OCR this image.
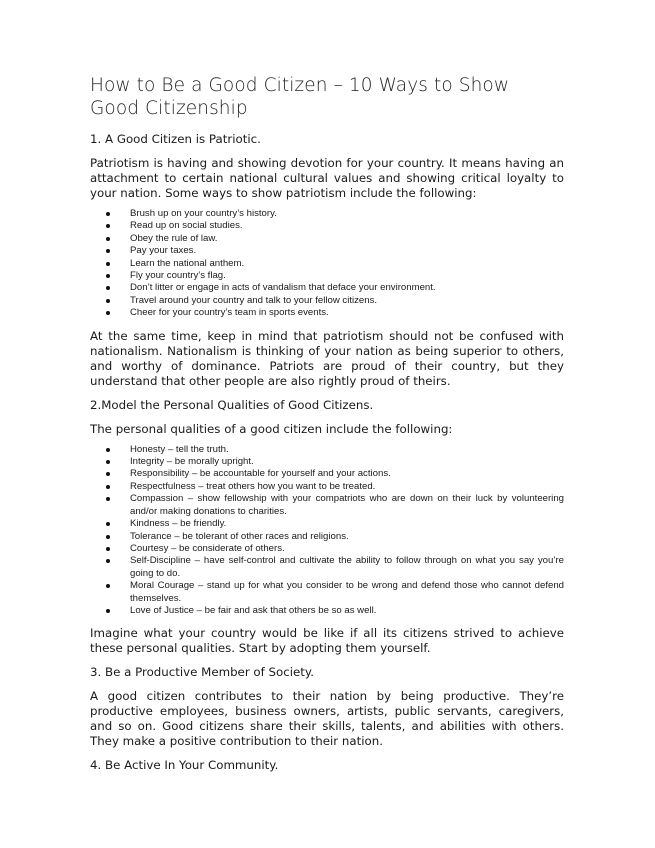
How to Be a Good Citizen – 10 Ways to Show Good Citizenship
1. A Good Citizen is Patriotic.

Patriotism is having and showing devotion for your country. It means having an attachment to certain national cultural values and showing critical loyalty to your nation. Some ways to show patriotism include the following:

Brush up on your country’s history.
Read up on social studies.
Obey the rule of law.
Pay your taxes.
Learn the national anthem.
Fly your country’s flag.
Don’t litter or engage in acts of vandalism that deface your environment.
Travel around your country and talk to your fellow citizens.
Cheer for your country’s team in sports events.

At the same time, keep in mind that patriotism should not be confused with nationalism. Nationalism is thinking of your nation as being superior to others, and worthy of dominance. Patriots are proud of their country, but they understand that other people are also rightly proud of theirs.

2.Model the Personal Qualities of Good Citizens.

The personal qualities of a good citizen include the following:

Honesty – tell the truth.
Integrity – be morally upright.
Responsibility – be accountable for yourself and your actions.
Respectfulness – treat others how you want to be treated.
Compassion – show fellowship with your compatriots who are down on their luck by volunteering and/or making donations to charities.
Kindness – be friendly.
Tolerance – be tolerant of other races and religions.
Courtesy – be considerate of others.
Self-Discipline – have self-control and cultivate the ability to follow through on what you say you’re going to do.
Moral Courage – stand up for what you consider to be wrong and defend those who cannot defend themselves.
Love of Justice – be fair and ask that others be so as well.

Imagine what your country would be like if all its citizens strived to achieve these personal qualities. Start by adopting them yourself.

3. Be a Productive Member of Society.

A good citizen contributes to their nation by being productive. They’re productive employees, business owners, artists, public servants, caregivers, and so on. Good citizens share their skills, talents, and abilities with others. They make a positive contribution to their nation.

4. Be Active In Your Community.
